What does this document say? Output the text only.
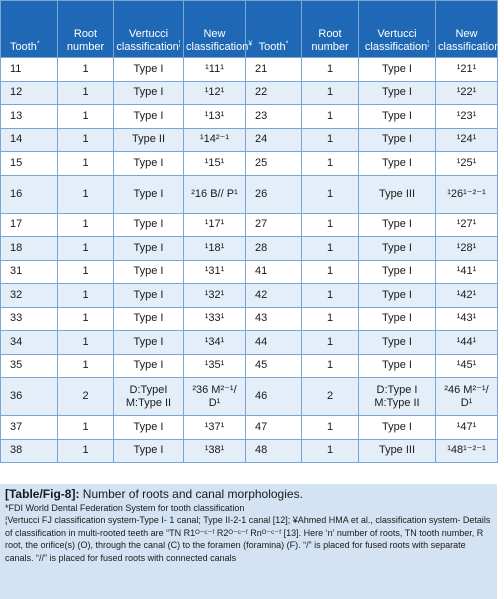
Tooth*	Root number	Vertucci classification¦	New classification¥	Tooth*	Root number	Vertucci classification¦	New classification¥
11	1	Type I	¹11¹	21	1	Type I	¹21¹
12	1	Type I	¹12¹	22	1	Type I	¹22¹
13	1	Type I	¹13¹	23	1	Type I	¹23¹
14	1	Type II	¹14²⁻¹	24	1	Type I	¹24¹
15	1	Type I	¹15¹	25	1	Type I	¹25¹
16	1	Type I	²16 B// P¹	26	1	Type III	¹26¹⁻²⁻¹
17	1	Type I	¹17¹	27	1	Type I	¹27¹
18	1	Type I	¹18¹	28	1	Type I	¹28¹
31	1	Type I	¹31¹	41	1	Type I	¹41¹
32	1	Type I	¹32¹	42	1	Type I	¹42¹
33	1	Type I	¹33¹	43	1	Type I	¹43¹
34	1	Type I	¹34¹	44	1	Type I	¹44¹
35	1	Type I	¹35¹	45	1	Type I	¹45¹
36	2	D:TypeI M:Type II	²36 M²⁻¹/ D¹	46	2	D:Type I M:Type II	²46 M²⁻¹/ D¹
37	1	Type I	¹37¹	47	1	Type I	¹47¹
38	1	Type I	¹38¹	48	1	Type III	¹48¹⁻²⁻¹
[Table/Fig-8]: Number of roots and canal morphologies.
*FDI World Dental Federation System for tooth classification
¦Vertucci FJ classification system-Type I- 1 canal; Type II-2-1 canal [12]; ¥Ahmed HMA et al., classification system- Details of classification in multi-rooted teeth are “TN R1ᴼ⁻ᶜ⁻ᶠ R2ᴼ⁻ᶜ⁻ᶠ Rnᴼ⁻ᶜ⁻ᶠ [13]. Here ‘n’ number of roots, TN tooth number, R root, the orifice(s) (O), through the canal (C) to the foramen (foramina) (F). “/” is placed for fused roots with separate canals. “//” is placed for fused roots with connected canals
